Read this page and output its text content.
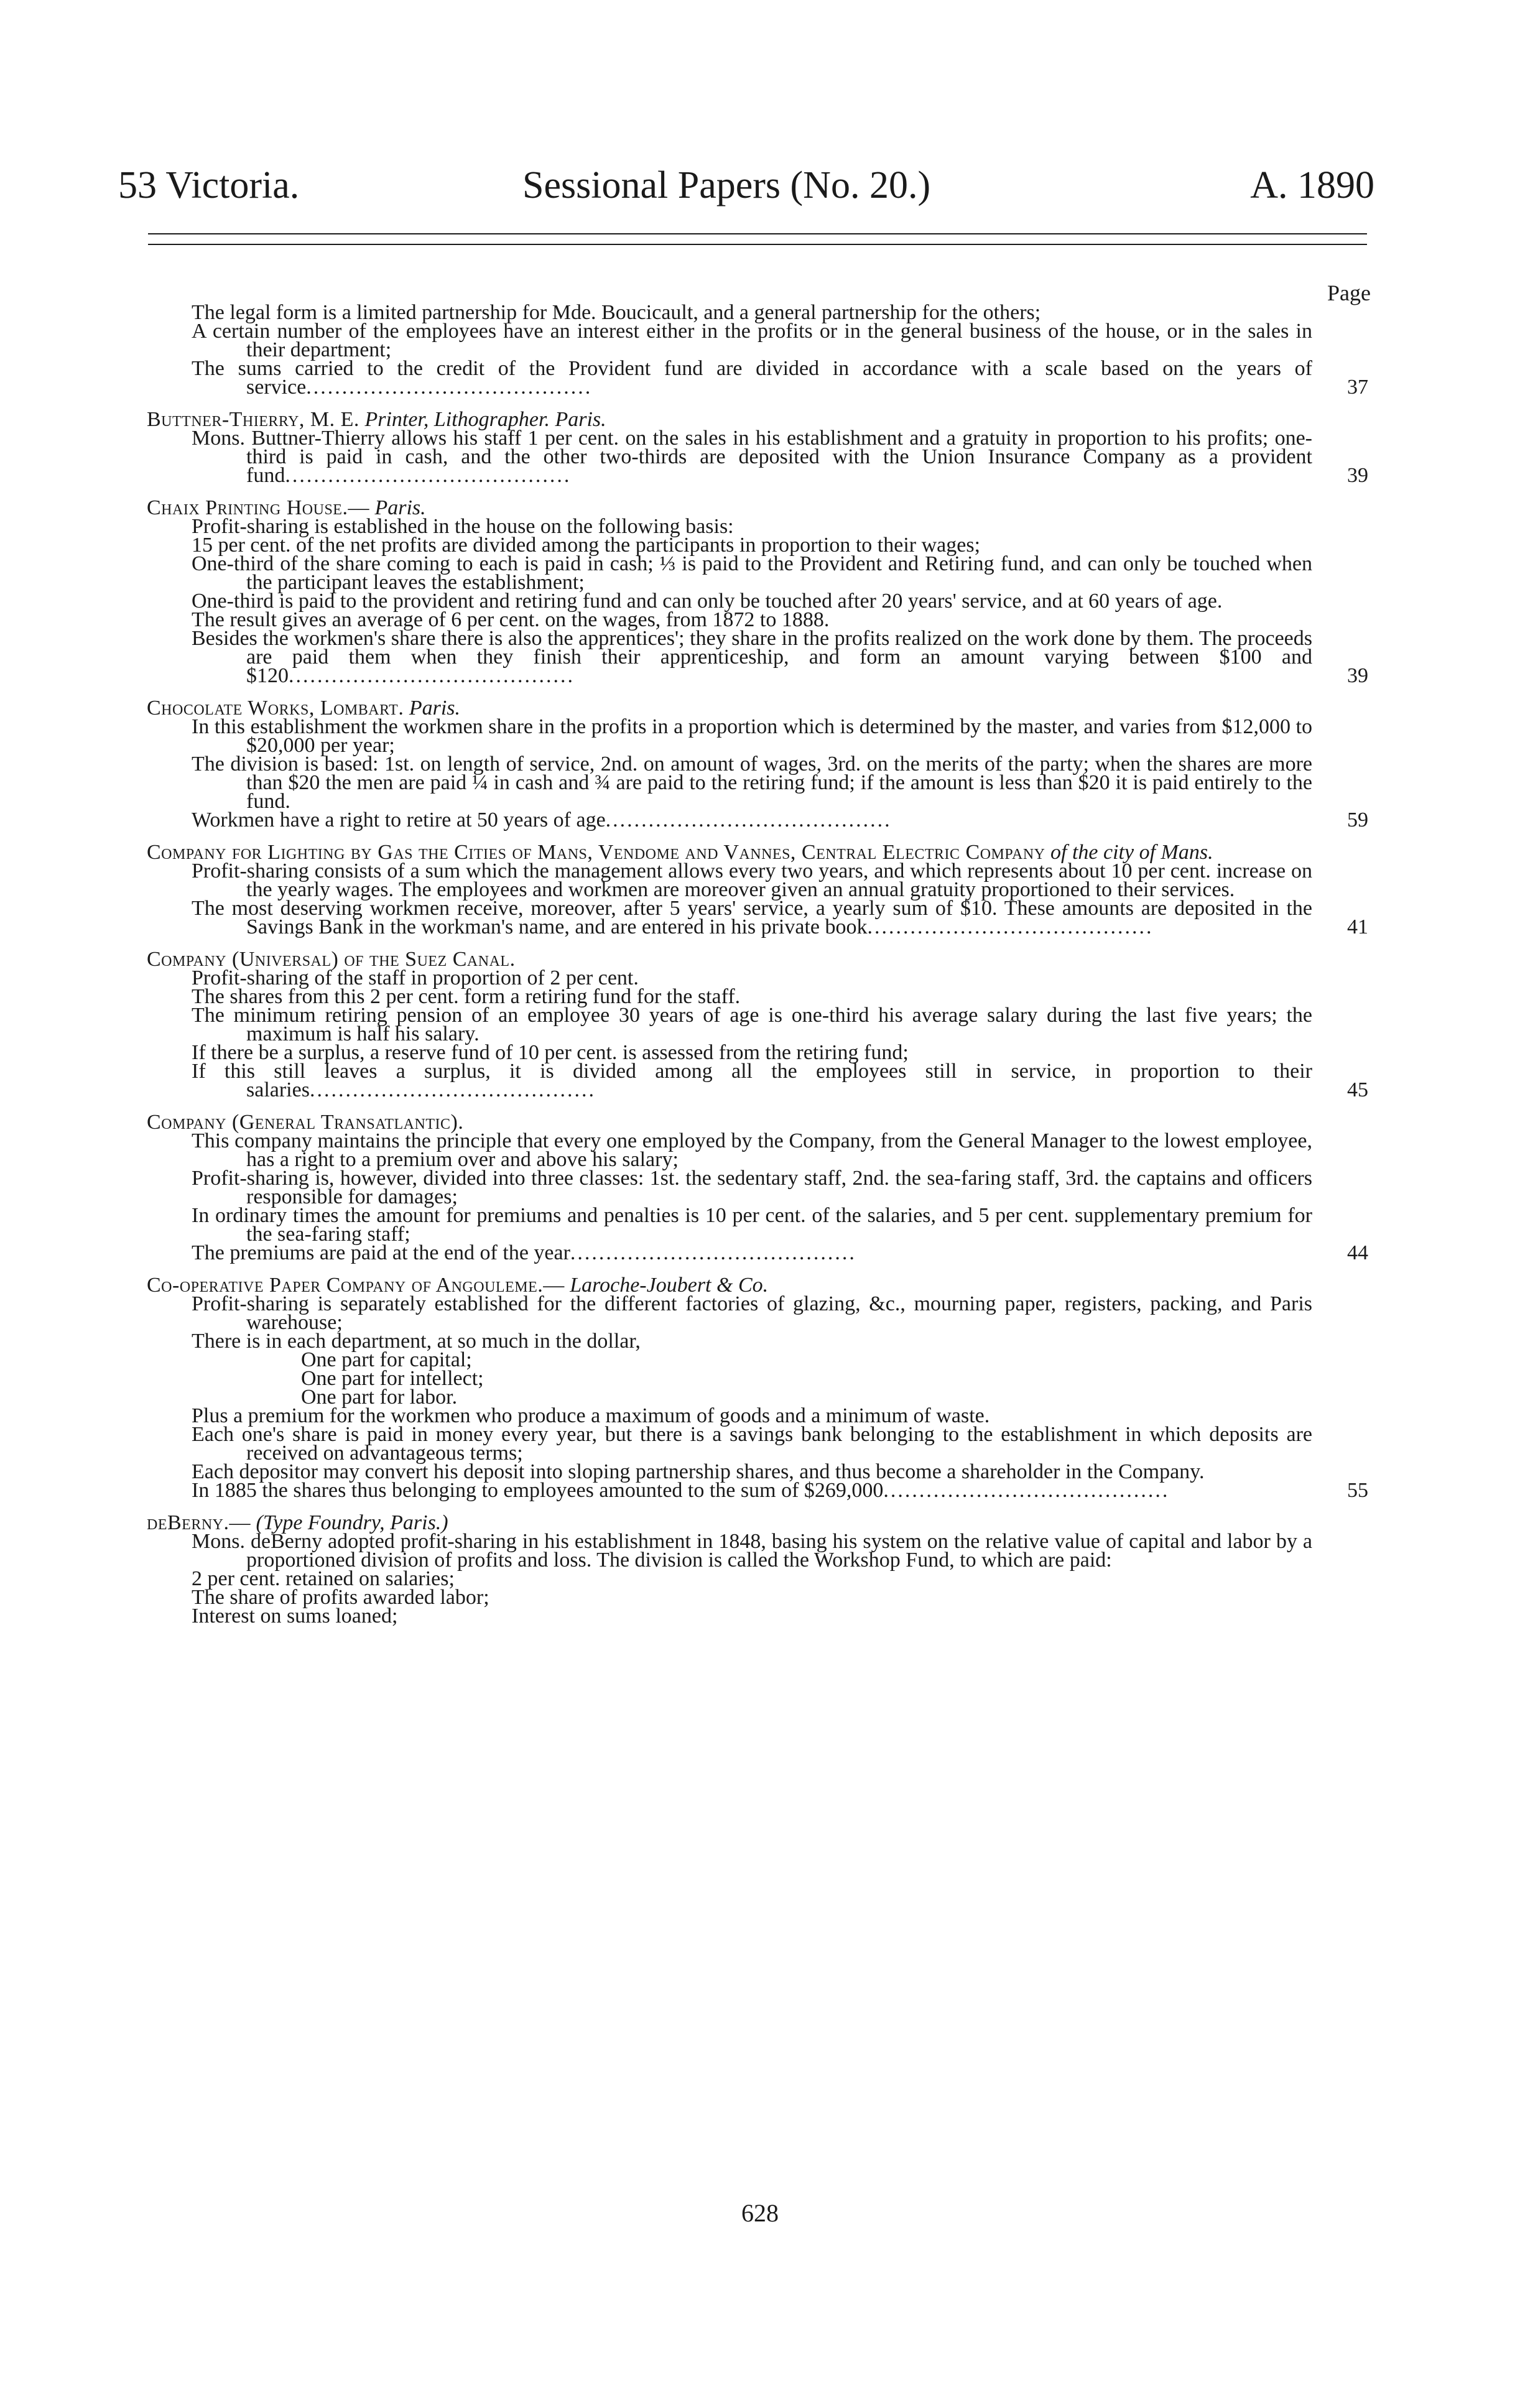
53 Victoria.	Sessional Papers (No. 20.)	A. 1890
Page
The legal form is a limited partnership for Mde. Boucicault, and a general partnership for the others;
A certain number of the employees have an interest either in the profits or in the general business of the house, or in the sales in their department;
The sums carried to the credit of the Provident fund are divided in accordance with a scale based on the years of service........................................	37
Buttner-Thierry, M. E. Printer, Lithographer. Paris.
Mons. Buttner-Thierry allows his staff 1 per cent. on the sales in his establishment and a gratuity in proportion to his profits; one-third is paid in cash, and the other two-thirds are deposited with the Union Insurance Company as a provident fund........................................	39
Chaix Printing House.— Paris.
Profit-sharing is established in the house on the following basis:
15 per cent. of the net profits are divided among the participants in proportion to their wages;
One-third of the share coming to each is paid in cash; ⅓ is paid to the Provident and Retiring fund, and can only be touched when the participant leaves the establishment;
One-third is paid to the provident and retiring fund and can only be touched after 20 years' service, and at 60 years of age.
The result gives an average of 6 per cent. on the wages, from 1872 to 1888.
Besides the workmen's share there is also the apprentices'; they share in the profits realized on the work done by them. The proceeds are paid them when they finish their apprenticeship, and form an amount varying between $100 and $120........................................	39
Chocolate Works, Lombart. Paris.
In this establishment the workmen share in the profits in a proportion which is determined by the master, and varies from $12,000 to $20,000 per year;
The division is based: 1st. on length of service, 2nd. on amount of wages, 3rd. on the merits of the party; when the shares are more than $20 the men are paid ¼ in cash and ¾ are paid to the retiring fund; if the amount is less than $20 it is paid entirely to the fund.
Workmen have a right to retire at 50 years of age........................................	59
Company for Lighting by Gas the Cities of Mans, Vendome and Vannes, Central Electric Company of the city of Mans.
Profit-sharing consists of a sum which the management allows every two years, and which represents about 10 per cent. increase on the yearly wages. The employees and workmen are moreover given an annual gratuity proportioned to their services.
The most deserving workmen receive, moreover, after 5 years' service, a yearly sum of $10. These amounts are deposited in the Savings Bank in the workman's name, and are entered in his private book........................................	41
Company (Universal) of the Suez Canal.
Profit-sharing of the staff in proportion of 2 per cent.
The shares from this 2 per cent. form a retiring fund for the staff.
The minimum retiring pension of an employee 30 years of age is one-third his average salary during the last five years; the maximum is half his salary.
If there be a surplus, a reserve fund of 10 per cent. is assessed from the retiring fund;
If this still leaves a surplus, it is divided among all the employees still in service, in proportion to their salaries........................................	45
Company (General Transatlantic).
This company maintains the principle that every one employed by the Company, from the General Manager to the lowest employee, has a right to a premium over and above his salary;
Profit-sharing is, however, divided into three classes: 1st. the sedentary staff, 2nd. the sea-faring staff, 3rd. the captains and officers responsible for damages;
In ordinary times the amount for premiums and penalties is 10 per cent. of the salaries, and 5 per cent. supplementary premium for the sea-faring staff;
The premiums are paid at the end of the year........................................	44
Co-operative Paper Company of Angouleme.— Laroche-Joubert & Co.
Profit-sharing is separately established for the different factories of glazing, &c., mourning paper, registers, packing, and Paris warehouse;
There is in each department, at so much in the dollar,
One part for capital;
One part for intellect;
One part for labor.
Plus a premium for the workmen who produce a maximum of goods and a minimum of waste.
Each one's share is paid in money every year, but there is a savings bank belonging to the establishment in which deposits are received on advantageous terms;
Each depositor may convert his deposit into sloping partnership shares, and thus become a shareholder in the Company.
In 1885 the shares thus belonging to employees amounted to the sum of $269,000........................................	55
deBerny.— (Type Foundry, Paris.)
Mons. deBerny adopted profit-sharing in his establishment in 1848, basing his system on the relative value of capital and labor by a proportioned division of profits and loss. The division is called the Workshop Fund, to which are paid:
2 per cent. retained on salaries;
The share of profits awarded labor;
Interest on sums loaned;
628
